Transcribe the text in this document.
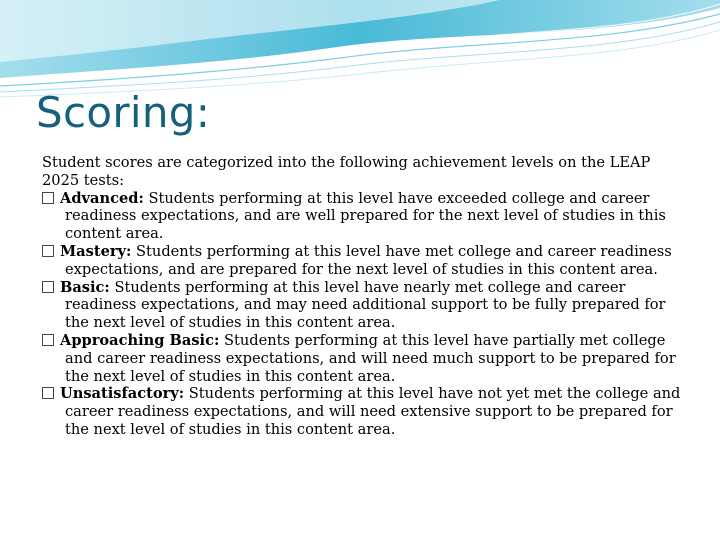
Scoring:
Student scores are categorized into the following achievement levels on the LEAP
2025 tests:
Advanced: Students performing at this level have exceeded college and career readiness expectations, and are well prepared for the next level of studies in this content area.
Mastery: Students performing at this level have met college and career readiness expectations, and are prepared for the next level of studies in this content area.
Basic: Students performing at this level have nearly met college and career readiness expectations, and may need additional support to be fully prepared for the next level of studies in this content area.
Approaching Basic: Students performing at this level have partially met college and career readiness expectations, and will need much support to be prepared for the next level of studies in this content area.
Unsatisfactory: Students performing at this level have not yet met the college and career readiness expectations, and will need extensive support to be prepared for the next level of studies in this content area.
